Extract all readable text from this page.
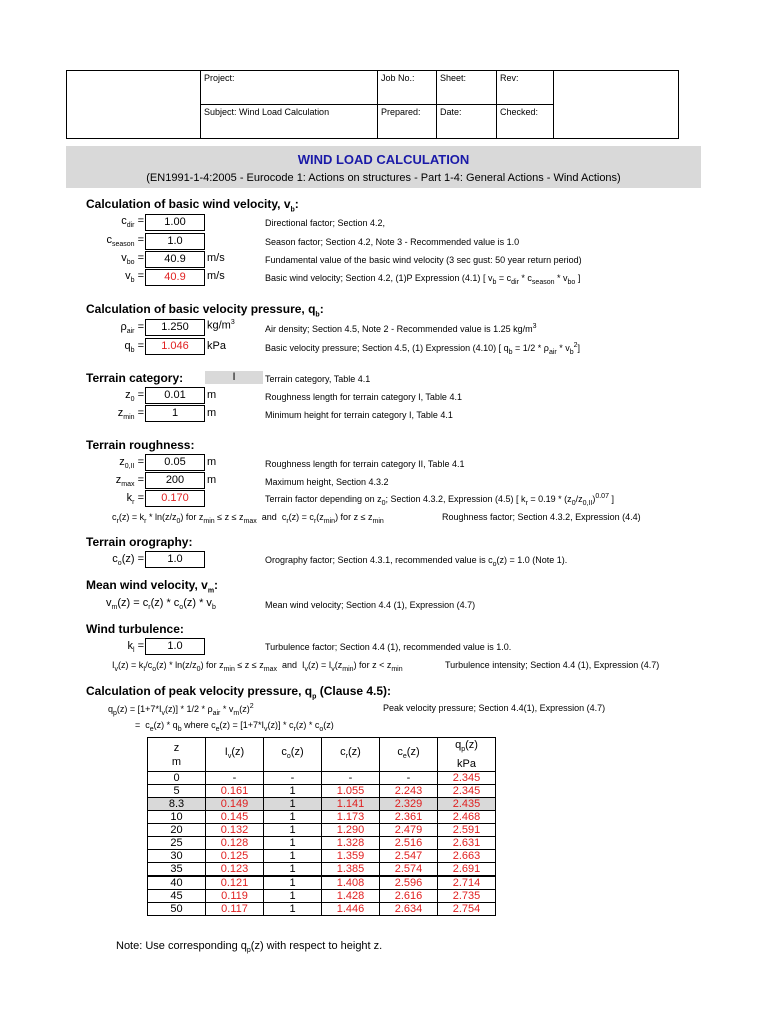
	Project:	Job No.:	Sheet:	Rev:	
	Subject: Wind Load Calculation	Prepared:	Date:	Checked:	
WIND LOAD CALCULATION
(EN1991-1-4:2005 - Eurocode 1: Actions on structures - Part 1-4: General Actions - Wind Actions)
Calculation of basic wind velocity, $v_b$:
$c_{dir}$ =	1.00	Directional factor; Section 4.2,
$c_{season}$ =	1.0	Season factor; Section 4.2, Note 3 - Recommended value is 1.0
$v_{bo}$ =	40.9	m/s	Fundamental value of the basic wind velocity (3 sec gust: 50 year return period)
$v_b$ =	40.9	m/s	Basic wind velocity; Section 4.2, (1)P Expression (4.1) [ $v_b = c_{dir} * c_{season} * v_{bo}$ ]
Calculation of basic velocity pressure, $q_b$:
$\rho_{air}$ =	1.250	$kg/m^3$
Air density; Section 4.5, Note 2 - Recommended value is 1.25 $kg/m^3$
$q_b$ =	1.046	kPa	Basic velocity pressure; Section 4.5, (1) Expression (4.10) [ $q_b = 1/2 * \rho_{air} * v_b^2$]
Terrain category:	I	Terrain category, Table 4.1
$z_0$ =	0.01	m	Roughness length for terrain category I, Table 4.1
$z_{min}$ =	1	m	Minimum height for terrain category I, Table 4.1
Terrain roughness:
$z_{0,II}$ =	0.05	m	Roughness length for terrain category II, Table 4.1
$z_{max}$ =	200	m	Maximum height, Section 4.3.2
$k_r$ =	0.170	Terrain factor depending on $z_0$; Section 4.3.2, Expression (4.5) [ $k_r = 0.19 * (z_0/z_{0,II})^{0.07}$ ]
$c_r(z) = k_r * \ln(z/z_0)$ for $z_{min} \le z \le z_{max}$  and  $c_r(z) = c_r(z_{min})$ for $z \le z_{min}$	Roughness factor; Section 4.3.2, Expression (4.4)
Terrain orography:
$c_o(z)$ =	1.0	Orography factor; Section 4.3.1, recommended value is $c_o(z) = 1.0$ (Note 1).
Mean wind velocity, $v_m$:
$v_m(z) = c_r(z) * c_o(z) * v_b$	Mean wind velocity; Section 4.4 (1), Expression (4.7)
Wind turbulence:
$k_l$ =	1.0	Turbulence factor; Section 4.4 (1), recommended value is 1.0.
$I_v(z) = k_I/c_o(z) * \ln(z/z_0)$ for $z_{min} \le z \le z_{max}$  and  $I_v(z) = I_v(z_{min})$ for $z < z_{min}$	Turbulence intensity; Section 4.4 (1), Expression (4.7)
Calculation of peak velocity pressure, $q_p$ (Clause 4.5):
$q_p(z) = [1+7*I_v(z)] * 1/2 * \rho_{air} * v_m(z)^2$	Peak velocity pressure; Section 4.4(1), Expression (4.7)
=  $c_e(z) * q_b$ where $c_e(z) = [1+7*I_v(z)] * c_r(z) * c_o(z)$
z
m	$I_v(z)$	$c_o(z)$	$c_r(z)$	$c_e(z)$	$q_p(z)$
kPa
0	-	-	-	-	2.345
5	0.161	1	1.055	2.243	2.345
8.3	0.149	1	1.141	2.329	2.435
10	0.145	1	1.173	2.361	2.468
20	0.132	1	1.290	2.479	2.591
25	0.128	1	1.328	2.516	2.631
30	0.125	1	1.359	2.547	2.663
35	0.123	1	1.385	2.574	2.691
40	0.121	1	1.408	2.596	2.714
45	0.119	1	1.428	2.616	2.735
50	0.117	1	1.446	2.634	2.754
Note: Use corresponding $q_p(z)$ with respect to height z.
